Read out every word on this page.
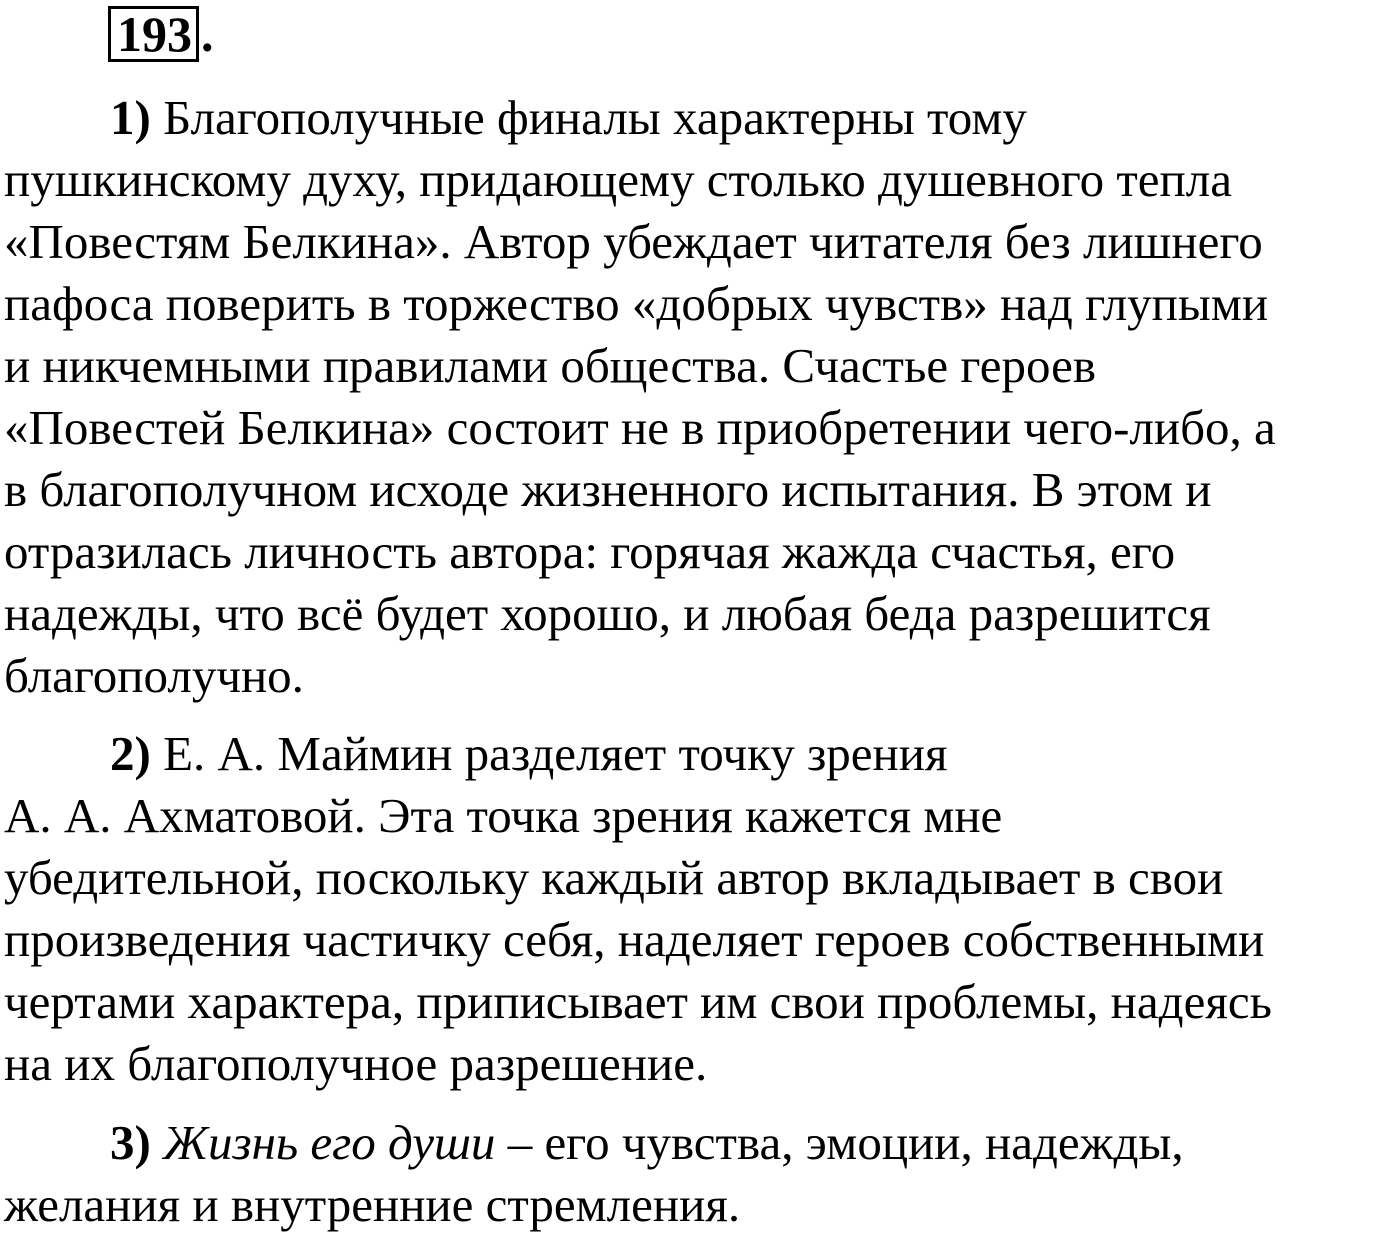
193 .
1) Благополучные финалы характерны тому
пушкинскому духу, придающему столько душевного тепла
«Повестям Белкина». Автор убеждает читателя без лишнего
пафоса поверить в торжество «добрых чувств» над глупыми
и никчемными правилами общества. Счастье героев
«Повестей Белкина» состоит не в приобретении чего-либо, а
в благополучном исходе жизненного испытания. В этом и
отразилась личность автора: горячая жажда счастья, его
надежды, что всё будет хорошо, и любая беда разрешится
благополучно.
2) Е. А. Маймин разделяет точку зрения
А. А. Ахматовой. Эта точка зрения кажется мне
убедительной, поскольку каждый автор вкладывает в свои
произведения частичку себя, наделяет героев собственными
чертами характера, приписывает им свои проблемы, надеясь
на их благополучное разрешение.
3) Жизнь его души – его чувства, эмоции, надежды,
желания и внутренние стремления.
